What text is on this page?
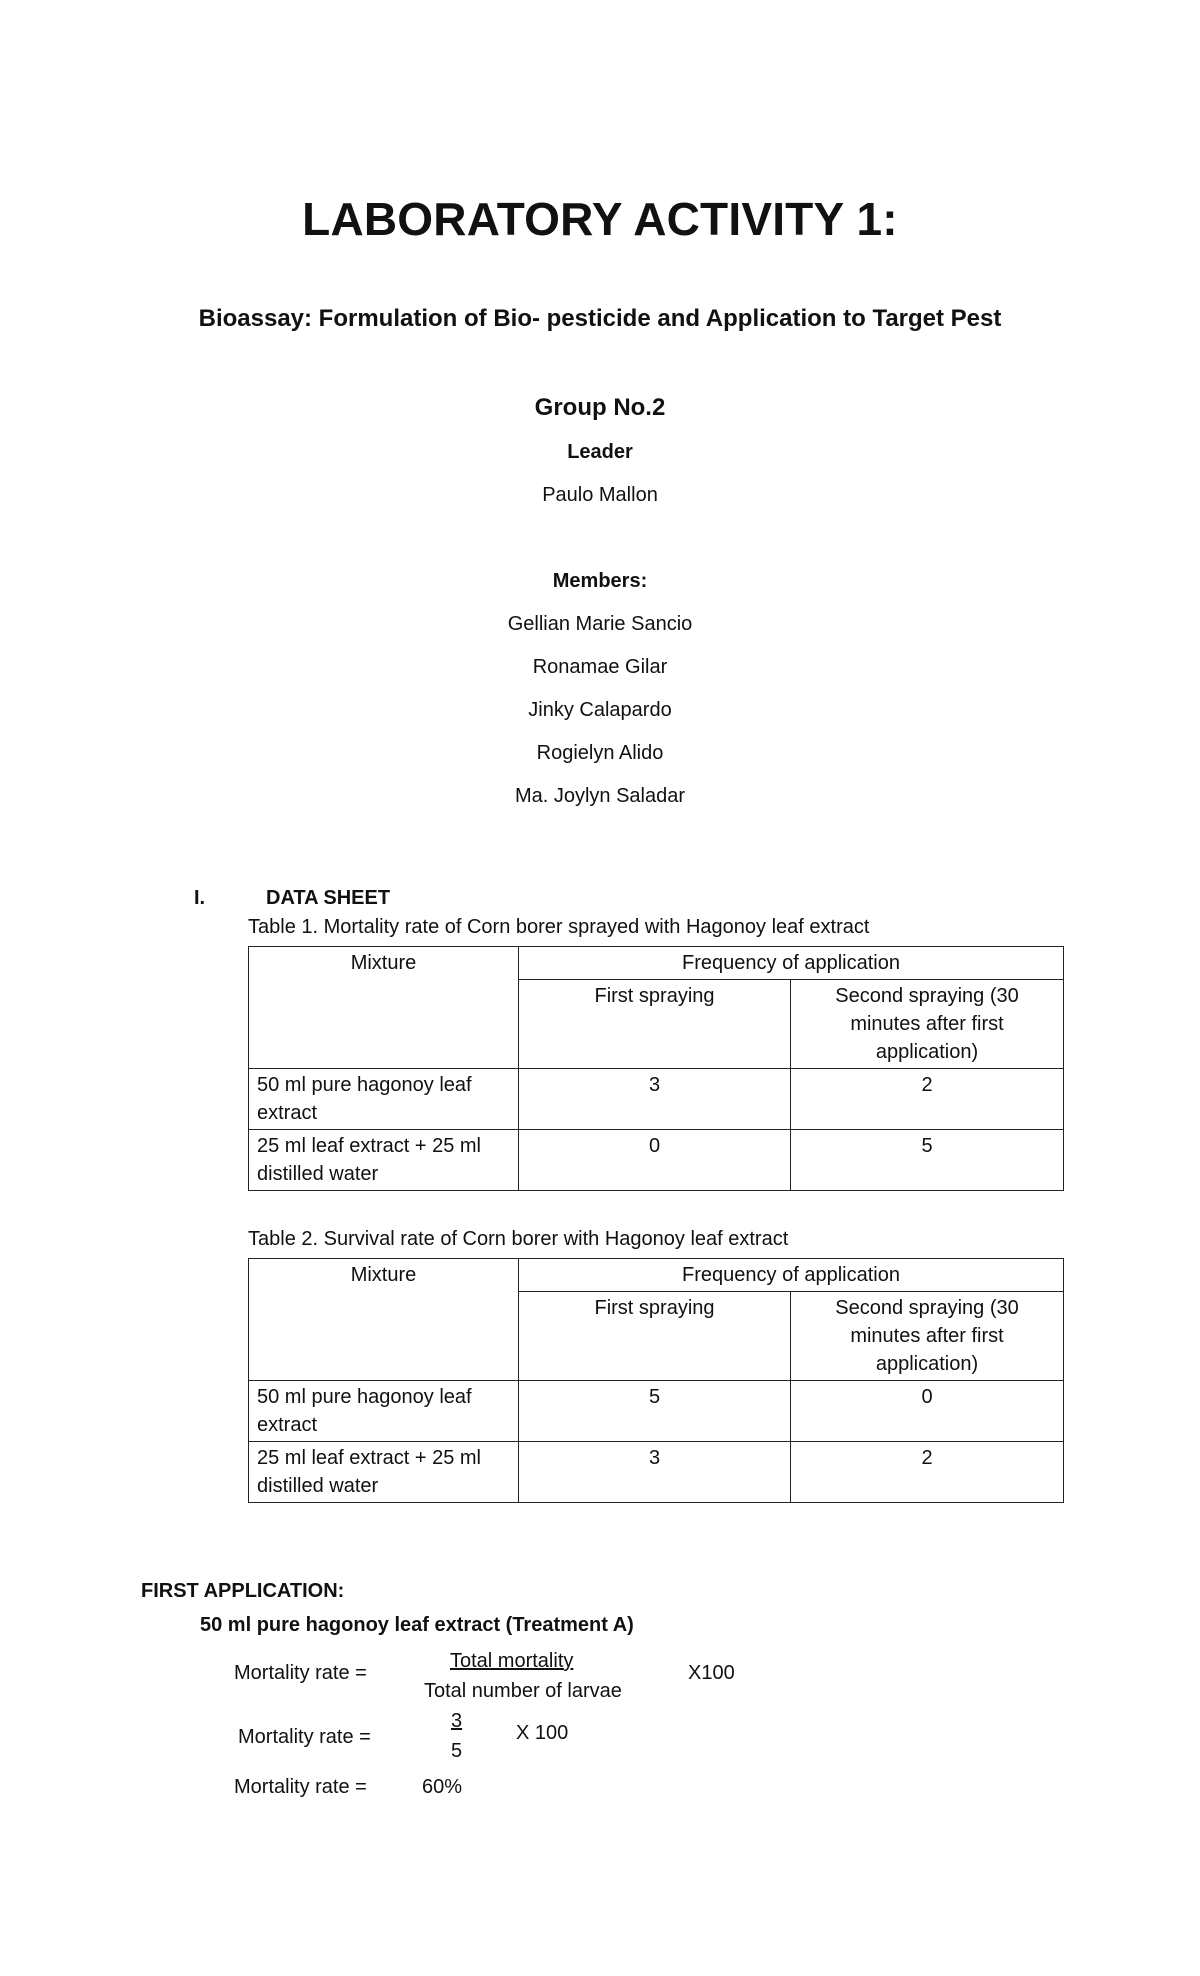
LABORATORY ACTIVITY 1:
Bioassay: Formulation of Bio- pesticide and Application to Target Pest
Group No.2
Leader
Paulo Mallon
Members:
Gellian Marie Sancio
Ronamae Gilar
Jinky Calapardo
Rogielyn Alido
Ma. Joylyn Saladar
I.	DATA SHEET
Table 1. Mortality rate of Corn borer sprayed with Hagonoy leaf extract
Mixture	Frequency of application	
	First spraying	Second spraying (30 minutes after first application)
50 ml pure hagonoy leaf extract	3	2
25 ml leaf extract + 25 ml distilled water	0	5
Table 2. Survival rate of Corn borer with Hagonoy leaf extract
Mixture	Frequency of application	
	First spraying	Second spraying (30 minutes after first application)
50 ml pure hagonoy leaf extract	5	0
25 ml leaf extract + 25 ml distilled water	3	2
FIRST APPLICATION:
50 ml pure hagonoy leaf extract (Treatment A)
Mortality rate =
Total mortality
Total number of larvae
X100
Mortality rate =
3
5
X 100
Mortality rate =	60%
